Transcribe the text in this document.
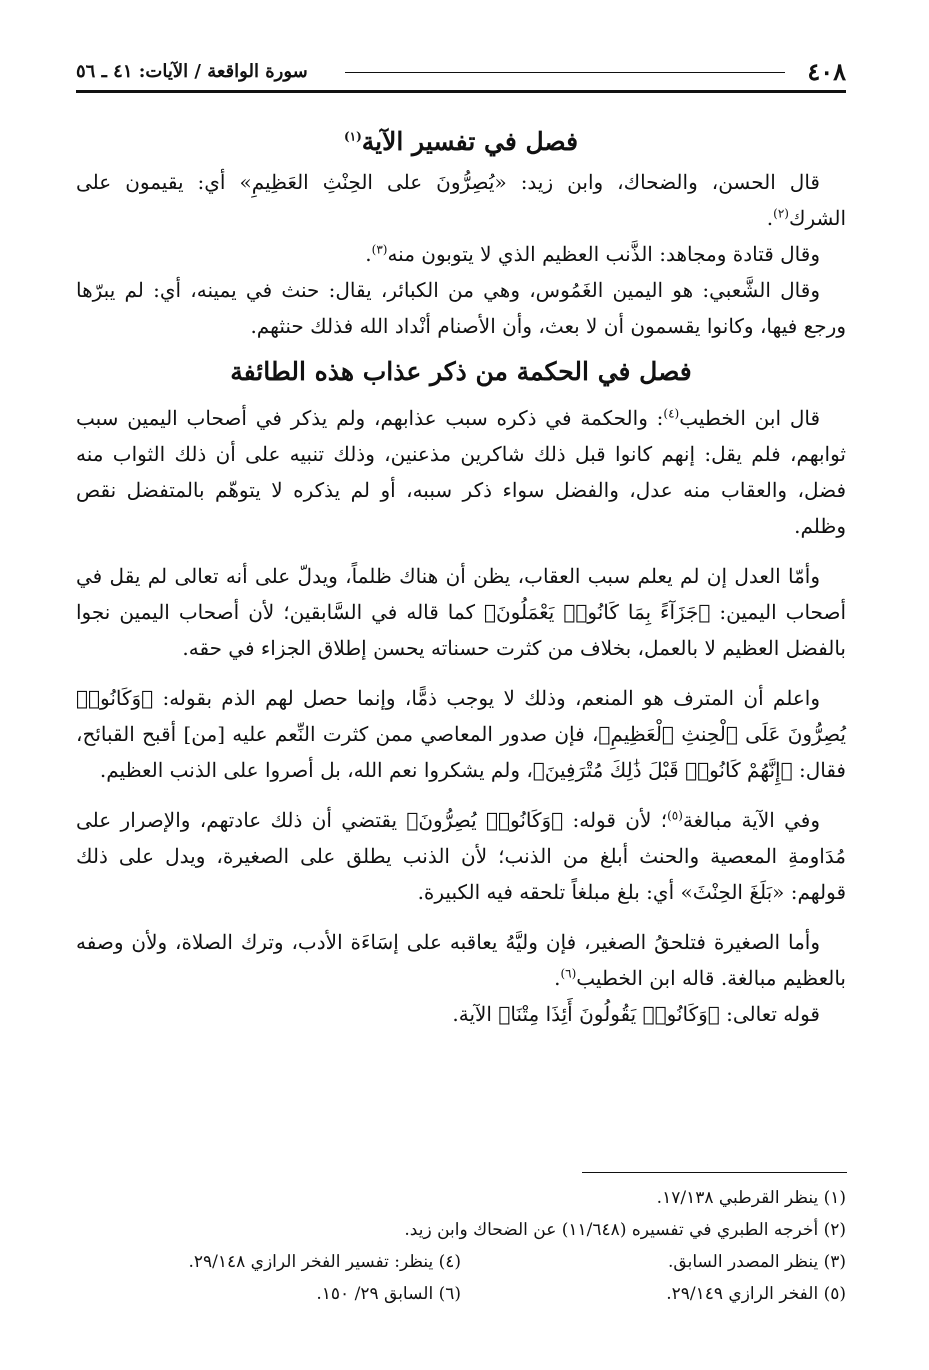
٤٠٨
سورة الواقعة / الآيات: ٤١ ـ ٥٦
فصل في تفسير الآية$^{(١)}$

قال الحسن، والضحاك، وابن زيد: «يُصِرُّونَ على الحِنْثِ العَظِيمِ» أي: يقيمون على الشرك$^{(٢)}$.

وقال قتادة ومجاهد: الذَّنب العظيم الذي لا يتوبون منه$^{(٣)}$.

وقال الشَّعبي: هو اليمين الغَمُوس، وهي من الكبائر، يقال: حنث في يمينه، أي: لم يبرّها ورجع فيها، وكانوا يقسمون أن لا بعث، وأن الأصنام أنْداد الله فذلك حنثهم.

فصل في الحكمة من ذكر عذاب هذه الطائفة

قال ابن الخطيب$^{(٤)}$: والحكمة في ذكره سبب عذابهم، ولم يذكر في أصحاب اليمين سبب ثوابهم، فلم يقل: إنهم كانوا قبل ذلك شاكرين مذعنين، وذلك تنبيه على أن ذلك الثواب منه فضل، والعقاب منه عدل، والفضل سواء ذكر سببه، أو لم يذكره لا يتوهّم بالمتفضل نقص وظلم.

وأمّا العدل إن لم يعلم سبب العقاب، يظن أن هناك ظلماً، ويدلّ على أنه تعالى لم يقل في أصحاب اليمين: ﴿جَزَآءً بِمَا كَانُوا۟ يَعْمَلُونَ﴾ كما قاله في السَّابقين؛ لأن أصحاب اليمين نجوا بالفضل العظيم لا بالعمل، بخلاف من كثرت حسناته يحسن إطلاق الجزاء في حقه.

واعلم أن المترف هو المنعم، وذلك لا يوجب ذمًّا، وإنما حصل لهم الذم بقوله: ﴿وَكَانُوا۟ يُصِرُّونَ عَلَى ٱلْحِنثِ ٱلْعَظِيمِ﴾، فإن صدور المعاصي ممن كثرت النِّعم عليه [من] أقبح القبائح، فقال: ﴿إِنَّهُمْ كَانُوا۟ قَبْلَ ذَٰلِكَ مُتْرَفِينَ﴾، ولم يشكروا نعم الله، بل أصروا على الذنب العظيم.

وفي الآية مبالغة$^{(٥)}$؛ لأن قوله: ﴿وَكَانُوا۟ يُصِرُّونَ﴾ يقتضي أن ذلك عادتهم، والإصرار على مُدَاومةِ المعصية والحنث أبلغ من الذنب؛ لأن الذنب يطلق على الصغيرة، ويدل على ذلك قولهم: «بَلَغَ الحِنْثَ» أي: بلغ مبلغاً تلحقه فيه الكبيرة.

وأما الصغيرة فتلحقُ الصغير، فإن وليَّهُ يعاقبه على إسَاءَة الأدب، وترك الصلاة، ولأن وصفه بالعظيم مبالغة. قاله ابن الخطيب$^{(٦)}$.

قوله تعالى: ﴿وَكَانُوا۟ يَقُولُونَ أَئِذَا مِتْنَا﴾ الآية.

(١) ينظر القرطبي ١٧/١٣٨.
(٢) أخرجه الطبري في تفسيره (١١/٦٤٨) عن الضحاك وابن زيد.
(٣) ينظر المصدر السابق.
(٤) ينظر: تفسير الفخر الرازي ٢٩/١٤٨.
(٥) الفخر الرازي ٢٩/١٤٩.
(٦) السابق ٢٩/ ١٥٠.
